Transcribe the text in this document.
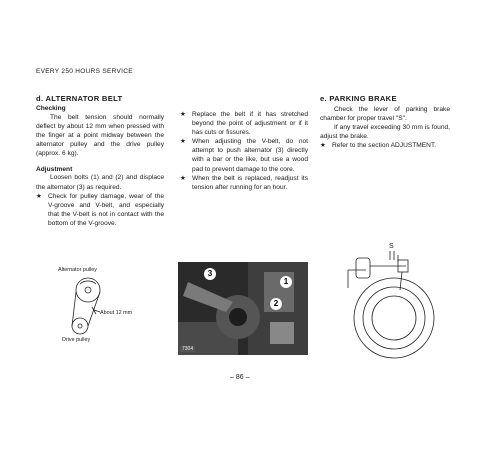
EVERY 250 HOURS SERVICE
d. ALTERNATOR BELT
Checking
The belt tension should normally deflect by about 12 mm when pressed with the finger at a point midway between the alternator pulley and the drive pulley (approx. 6 kg).
Adjustment
Loosen bolts (1) and (2) and displace the alternator (3) as required.
★ Check for pulley damage, wear of the V-groove and V-belt, and especially that the V-belt is not in contact with the bottom of the V-groove.
★ Replace the belt if it has stretched beyond the point of adjustment or if it has cuts or fissures.
★ When adjusting the V-belt, do not attempt to push alternator (3) directly with a bar or the like, but use a wood pad to prevent damage to the core.
★ When the belt is replaced, readjust its tension after running for an hour.
e. PARKING BRAKE
Check the lever of parking brake chamber for proper travel "S".
If any travel exceeding 30 mm is found, adjust the brake.
★ Refer to the section ADJUSTMENT.
Alternator pulley
About 12 mm
Drive pulley
3
1
2
7304
S
– 86 –
